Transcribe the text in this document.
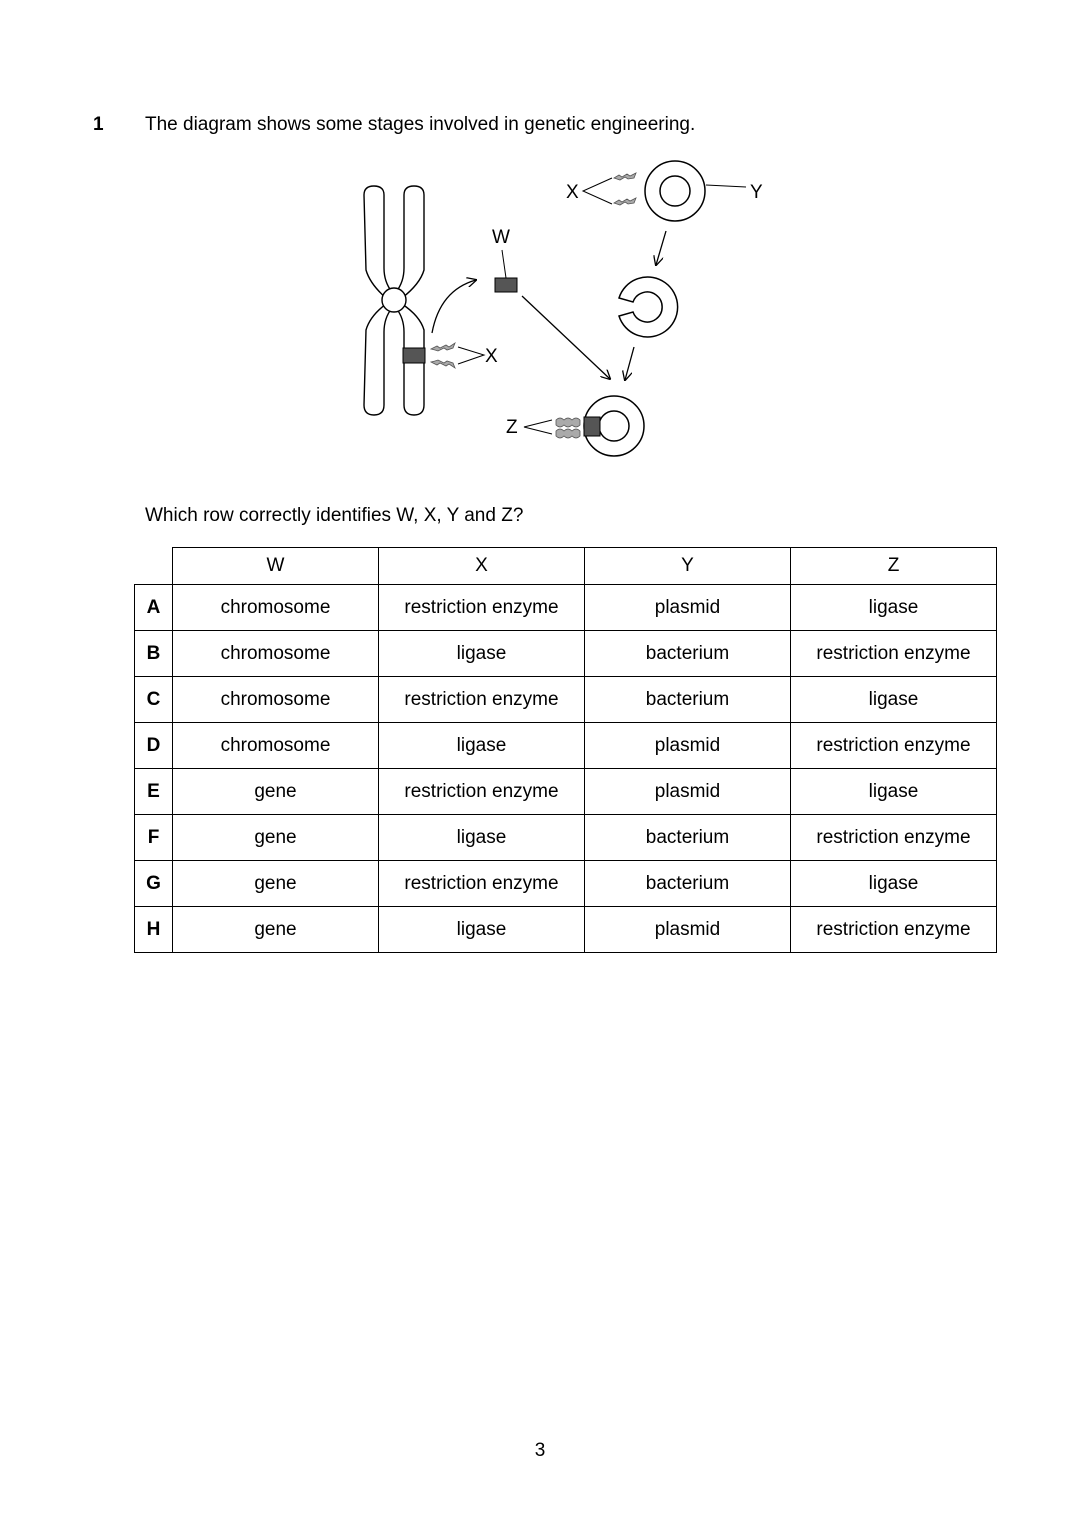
1 The diagram shows some stages involved in genetic engineering.
X
W
Y
X
Z
Which row correctly identifies W, X, Y and Z?
	W	X	Y	Z
A	chromosome	restriction enzyme	plasmid	ligase
B	chromosome	ligase	bacterium	restriction enzyme
C	chromosome	restriction enzyme	bacterium	ligase
D	chromosome	ligase	plasmid	restriction enzyme
E	gene	restriction enzyme	plasmid	ligase
F	gene	ligase	bacterium	restriction enzyme
G	gene	restriction enzyme	bacterium	ligase
H	gene	ligase	plasmid	restriction enzyme
3
